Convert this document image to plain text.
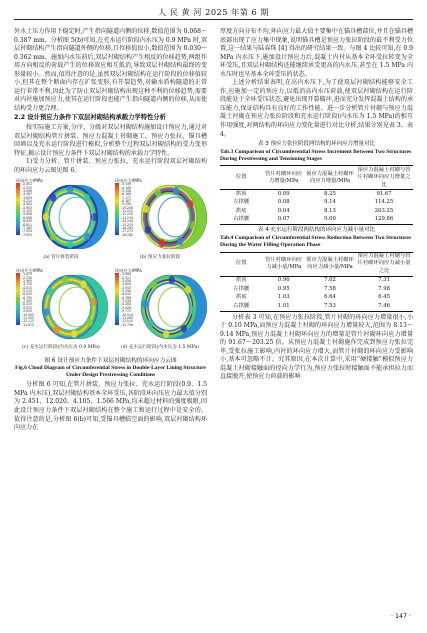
人 民 黄 河 2025 年第 6 期

外水土压力作用下稳定时,产生指向隧道内侧的位移,数值范围为 0.068～0.387 mm。分析图 5(b)可知,在充水运行阶段内水压为 0.9 MPa 时,双层衬砌结构产生指向隧道外侧的位移,且位移值很小,数值范围为 0.030～0.362 mm。施加内水压前后,双层衬砌结构产生相反的位移趋势,两组作用方向相反的荷载产生的位移效应相互抵消,导致双层衬砌结构最终的变形量较小。然而,值得注意的是,虽然双层衬砌结构在运行阶段的位移值较小,但其在整个断面内存在扩张变形,有开裂趋势,对输水盾构隧道的正常运行非常不利,因此为了防止双层衬砌结构出现这种不利的位移趋势,需要对内衬施加预应力,使其在运行阶段也能产生指向隧道内侧的位移,从而使结构受力更合理。

2.2 设计预应力条件下双层衬砌结构承载力学特性分析

按实际施工方案,分序、分级对双层衬砌结构施加设计预应力,通过对双层衬砌结构管片拼装、预应力混凝土衬砌施工、预应力张拉、锚具槽回填以及充水运行阶段进行模拟,分析整个过程双层衬砌结构的受力变形特征,揭示设计预应力条件下双层衬砌结构的承载力学特性。

1)受力分析。管片拼装、预应力张拉、充水运行阶段双层衬砌结构的环向应力云图见图 6。

环向应力/MPa
-2.451
-2.525
-3.096
-3.467
-3.839
-4.210
-4.582
-4.953
-5.325
-5.696
-6.068
-6.439
-6.811
-7.182
-7.554
-7.925
(a) 管片拼装阶段
环向应力/MPa
-3.139
-4.149
-5.158
-6.168
-7.177
-8.187
-9.196
-10.206
-11.215
-12.225
-13.234
-14.244
-15.253
-16.263
-17.272
-18.282
(b) 预应力张拉阶段
环向应力/MPa
-1.475
-2.235
-2.995
-3.755
-4.515
-5.275
-6.035
-6.795
-7.555
-8.315
-9.075
-9.835
-10.595
-11.355
-12.115
-12.875
(c) 充水运行阶段(内水压为 0.9 MPa)
环向应力/MPa
-1.566
-2.312
-3.058
-3.804
-4.550
-5.296
-6.042
-6.788
-7.534
-8.280
-9.026
-9.772
-10.518
-11.264
-12.010
-12.756
(d) 充水运行阶段(内水压为 1.5 MPa)
图 6 设计预应力条件下双层衬砌结构的环向应力云图
Fig.6 Cloud Diagram of Circumferential Stress in Double-Layer Lining Structure Under Design Prestressing Conditions

分析图 6 可知,在管片拼装、预应力张拉、充水运行阶段(0.9、1.5 MPa 内水压),双层衬砌结构基本全环受压,各阶段环向压应力最大值分别为 2.451、12.020、4.105、1.566 MPa,均未超过材料的强度极限,因此设计预应力条件下双层衬砌结构在整个施工和运行过程中是安全的。值得注意的是,分析图 6(b)可知,受锚具槽临空面的影响,双层衬砌结构环向应力在

厚度方向分布不均,环向应力最大值主要集中在锚具槽部位,并且在锚具槽底部出现了应力集中现象,说明锚具槽是预应力张拉阶段的最不利受力位置,这一结果与陆春珠 [4] 得出的研究结果一致。与图 4 比较可知,在 0.9 MPa 内水压下,施加设计预应力后,混凝土内衬从基本全环受拉转变为全环受压,且双层衬砌结构还能继续承受更高的内水压,甚至在 1.5 MPa 内水压时也呈基本全环受压的状态。

上述分析结果表明,在高内水压下,为了使双层衬砌结构能够安全工作,应施加一定的预应力,以抵消高内水压荷载,使双层衬砌结构在运行阶段能处于全环受压状态,避免出现开裂破坏,进而充分发挥混凝土结构的承压能力,保证结构具有良好的工作性能。进一步分析管片衬砌与预应力混凝土衬砌在预应力张拉阶段和充水运行阶段(内水压为 1.5 MPa)的相互作用强度,对两结构的环向应力变化量进行对比分析,结果分别见表 3、表 4。

表 3 预应力张拉阶段两结构的环向应力增量对比
Tab.3 Comparison of Circumferential Stress Increment Between Two Structures During Prestressing and Tensioning Stages
位置	管片衬砌环向应力增量/MPa	预应力混凝土衬砌环向应力增量/MPa	预应力混凝土衬砌与管片衬砌环向应力增量之比
拱顶	0.09	8.25	91.67
左拱腰	0.08	9.14	114.25
拱底	0.04	8.13	203.25
右拱腰	0.07	9.09	129.86
表 4 充水运行阶段两结构的环向应力减小量对比
Tab.4 Comparison of Circumferential Stress Reduction Between Two Structures During the Water Filling Operation Phase
位置	管片衬砌环向应力减小量/MPa	预应力混凝土衬砌环向应力减小量/MPa	预应力混凝土衬砌与管片衬砌环向应力减小量之比
拱顶	0.96	7.02	7.31
左拱腰	0.95	7.58	7.98
拱底	1.03	6.64	6.45
右拱腰	1.01	7.53	7.46

分析表 3 可知,在预应力张拉阶段,管片衬砌的环向应力增量很小,小于 0.10 MPa,而预应力混凝土衬砌的环向应力增量较大,范围为 8.13～9.14 MPa,预应力混凝土衬砌环向应力的增量是管片衬砌环向应力增量的 91.67～203.25 倍。从预应力混凝土衬砌施作完成到预应力张拉完毕,受张拉施工影响,内衬的环向应力增大,而管片衬砌的环向应力受影响小,基本可忽略不计。究其原因,在本次计算中,采用“硬接触”模拟预应力混凝土衬砌接触面的径向力学行为,预应力张拉时接触面不能承担拉力而直接脱开,使预应力荷载的影响

· 147 ·
